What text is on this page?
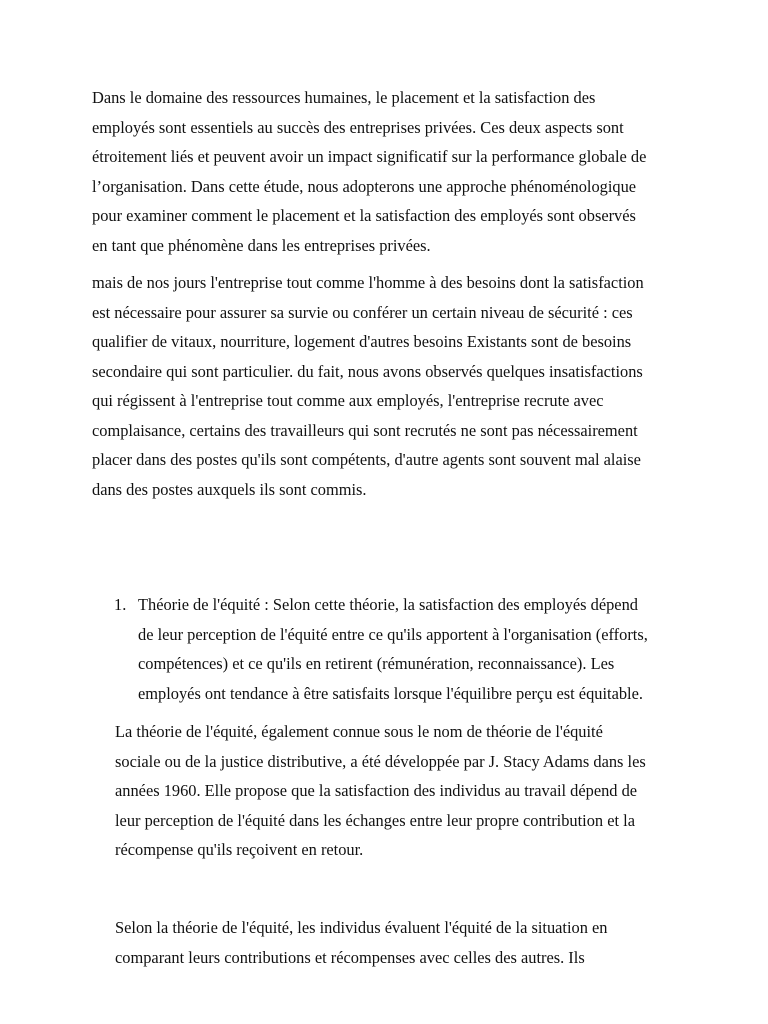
Dans le domaine des ressources humaines, le placement et la satisfaction des
employés sont essentiels au succès des entreprises privées. Ces deux aspects sont
étroitement liés et peuvent avoir un impact significatif sur la performance globale de
l’organisation. Dans cette étude, nous adopterons une approche phénoménologique
pour examiner comment le placement et la satisfaction des employés sont observés
en tant que phénomène dans les entreprises privées.
mais de nos jours l'entreprise tout comme l'homme à des besoins dont la satisfaction
est nécessaire pour assurer sa survie ou conférer un certain niveau de sécurité : ces
qualifier de vitaux, nourriture, logement d'autres besoins Existants sont de besoins
secondaire qui sont particulier. du fait, nous avons observés quelques insatisfactions
qui régissent à l'entreprise tout comme aux employés, l'entreprise recrute avec
complaisance, certains des travailleurs qui sont recrutés ne sont pas nécessairement
placer dans des postes qu'ils sont compétents, d'autre agents sont souvent mal alaise
dans des postes auxquels ils sont commis.
1. Théorie de l'équité : Selon cette théorie, la satisfaction des employés dépend
de leur perception de l'équité entre ce qu'ils apportent à l'organisation (efforts,
compétences) et ce qu'ils en retirent (rémunération, reconnaissance). Les
employés ont tendance à être satisfaits lorsque l'équilibre perçu est équitable.
La théorie de l'équité, également connue sous le nom de théorie de l'équité
sociale ou de la justice distributive, a été développée par J. Stacy Adams dans les
années 1960. Elle propose que la satisfaction des individus au travail dépend de
leur perception de l'équité dans les échanges entre leur propre contribution et la
récompense qu'ils reçoivent en retour.
Selon la théorie de l'équité, les individus évaluent l'équité de la situation en
comparant leurs contributions et récompenses avec celles des autres. Ils
